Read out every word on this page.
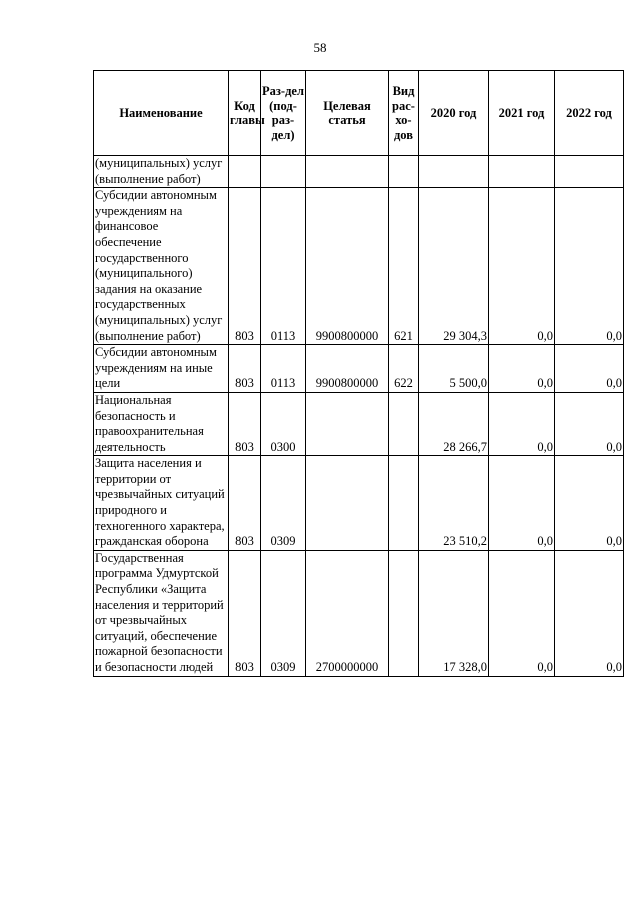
58
Наименование	Код главы	Раз-дел (под-раз-дел)	Целевая статья	Вид рас-хо-дов	2020 год	2021 год	2022 год
(муниципальных) услуг (выполнение работ)							
Субсидии автономным учреждениям на финансовое обеспечение государственного (муниципального) задания на оказание государственных (муниципальных) услуг (выполнение работ)	803	0113	9900800000	621	29 304,3	0,0	0,0
Субсидии автономным учреждениям на иные цели	803	0113	9900800000	622	5 500,0	0,0	0,0
Национальная безопасность и правоохранительная деятельность	803	0300			28 266,7	0,0	0,0
Защита населения и территории от чрезвычайных ситуаций природного и техногенного характера, гражданская оборона	803	0309			23 510,2	0,0	0,0
Государственная программа Удмуртской Республики «Защита населения и территорий от чрезвычайных ситуаций, обеспечение пожарной безопасности и безопасности людей	803	0309	2700000000		17 328,0	0,0	0,0
